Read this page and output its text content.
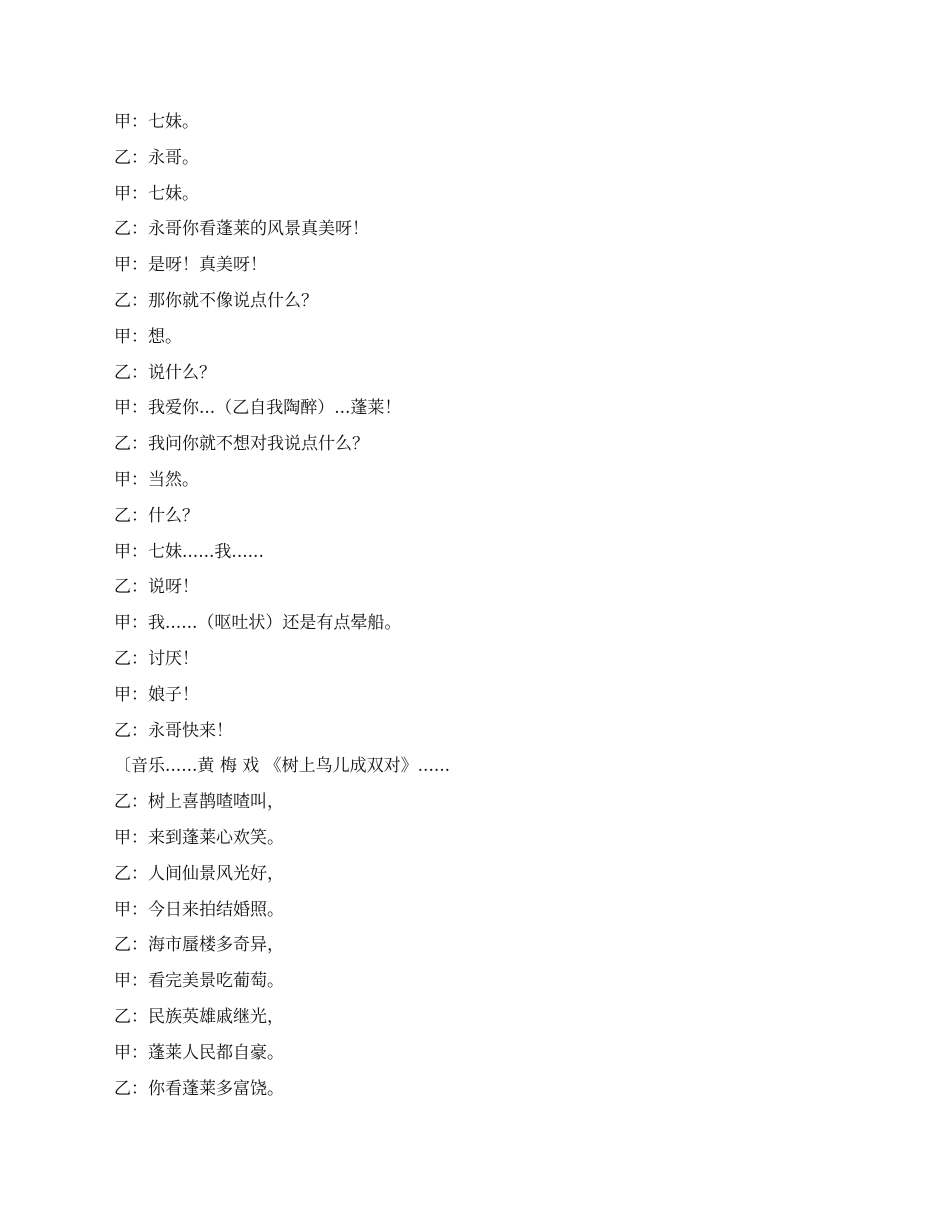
甲：七妹。
乙：永哥。
甲：七妹。
乙：永哥你看蓬莱的风景真美呀！
甲：是呀！真美呀！
乙：那你就不像说点什么？
甲：想。
乙：说什么？
甲：我爱你...（乙自我陶醉）...蓬莱！
乙：我问你就不想对我说点什么？
甲：当然。
乙：什么？
甲：七妹......我......
乙：说呀！
甲：我......（呕吐状）还是有点晕船。
乙：讨厌！
甲：娘子！
乙：永哥快来！
〔音乐......黄 梅 戏 《树上鸟儿成双对》......
乙：树上喜鹊喳喳叫，
甲：来到蓬莱心欢笑。
乙：人间仙景风光好，
甲：今日来拍结婚照。
乙：海市蜃楼多奇异，
甲：看完美景吃葡萄。
乙：民族英雄戚继光，
甲：蓬莱人民都自豪。
乙：你看蓬莱多富饶。
